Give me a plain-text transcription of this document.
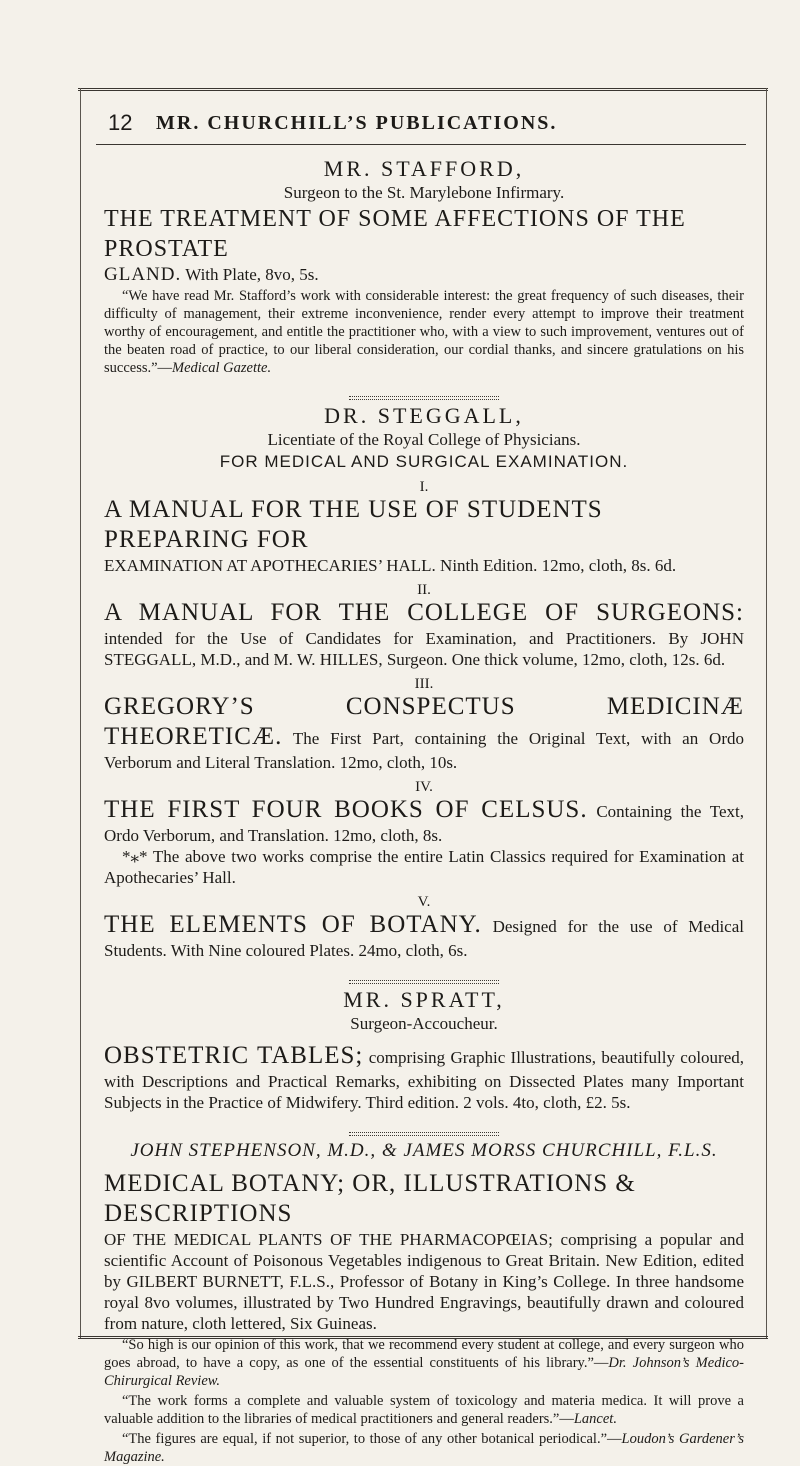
12 MR. CHURCHILL’S PUBLICATIONS.

MR. STAFFORD,

Surgeon to the St. Marylebone Infirmary.

THE TREATMENT OF SOME AFFECTIONS OF THE PROSTATE

GLAND. With Plate, 8vo, 5s.

“We have read Mr. Stafford’s work with considerable interest: the great frequency of such diseases, their difficulty of management, their extreme inconvenience, render every attempt to improve their treatment worthy of encouragement, and entitle the practitioner who, with a view to such improvement, ventures out of the beaten road of practice, to our liberal consideration, our cordial thanks, and sincere gratulations on his success.”—Medical Gazette.

DR. STEGGALL,

Licentiate of the Royal College of Physicians.

FOR MEDICAL AND SURGICAL EXAMINATION.

I.

A MANUAL FOR THE USE OF STUDENTS PREPARING FOR

EXAMINATION AT APOTHECARIES’ HALL. Ninth Edition. 12mo, cloth, 8s. 6d.

II.

A MANUAL FOR THE COLLEGE OF SURGEONS: intended for the Use of Candidates for Examination, and Practitioners. By JOHN STEGGALL, M.D., and M. W. HILLES, Surgeon. One thick volume, 12mo, cloth, 12s. 6d.

III.

GREGORY’S CONSPECTUS MEDICINÆ THEORETICÆ. The First Part, containing the Original Text, with an Ordo Verborum and Literal Translation. 12mo, cloth, 10s.

IV.

THE FIRST FOUR BOOKS OF CELSUS. Containing the Text, Ordo Verborum, and Translation. 12mo, cloth, 8s.

*⁎* The above two works comprise the entire Latin Classics required for Examination at Apothecaries’ Hall.

V.

THE ELEMENTS OF BOTANY. Designed for the use of Medical Students. With Nine coloured Plates. 24mo, cloth, 6s.

MR. SPRATT,

Surgeon-Accoucheur.

OBSTETRIC TABLES; comprising Graphic Illustrations, beautifully coloured, with Descriptions and Practical Remarks, exhibiting on Dissected Plates many Important Subjects in the Practice of Midwifery. Third edition. 2 vols. 4to, cloth, £2. 5s.

JOHN STEPHENSON, M.D., & JAMES MORSS CHURCHILL, F.L.S.

MEDICAL BOTANY; OR, ILLUSTRATIONS & DESCRIPTIONS

OF THE MEDICAL PLANTS OF THE PHARMACOPŒIAS; comprising a popular and scientific Account of Poisonous Vegetables indigenous to Great Britain. New Edition, edited by GILBERT BURNETT, F.L.S., Professor of Botany in King’s College. In three handsome royal 8vo volumes, illustrated by Two Hundred Engravings, beautifully drawn and coloured from nature, cloth lettered, Six Guineas.

“So high is our opinion of this work, that we recommend every student at college, and every surgeon who goes abroad, to have a copy, as one of the essential constituents of his library.”—Dr. Johnson’s Medico-Chirurgical Review.

“The work forms a complete and valuable system of toxicology and materia medica. It will prove a valuable addition to the libraries of medical practitioners and general readers.”—Lancet.

“The figures are equal, if not superior, to those of any other botanical periodical.”—Loudon’s Gardener’s Magazine.
